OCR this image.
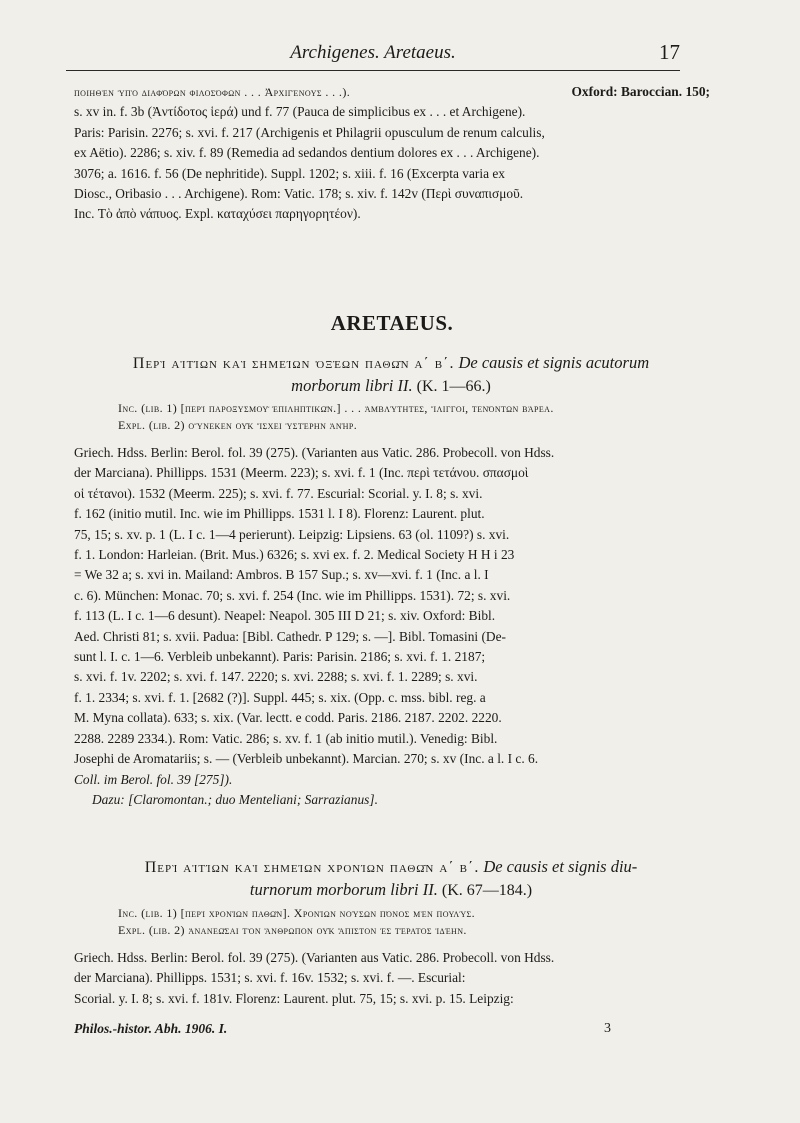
Archigenes. Aretaeus.	17

ποιηθὲν ὑπὸ διαφόρων φιλοσόφων . . . Ἀρχιγένους . . .).	Oxford: Baroccian. 150;

s. xv in. f. 3b (Ἀντίδοτος ἱερά) und f. 77 (Pauca de simplicibus ex . . . et Archigene).

Paris: Parisin. 2276; s. xvi. f. 217 (Archigenis et Philagrii opusculum de renum calculis,

ex Aëtio). 2286; s. xiv. f. 89 (Remedia ad sedandos dentium dolores ex . . . Archigene).

3076; a. 1616. f. 56 (De nephritide). Suppl. 1202; s. xiii. f. 16 (Excerpta varia ex

Diosc., Oribasio . . . Archigene). Rom: Vatic. 178; s. xiv. f. 142v (Περὶ συναπισμοῦ.

Inc. Τὸ ἀπὸ νάπυος. Expl. καταχύσει παρηγορητέον).

ARETAEUS.
Περὶ αἰτίων καὶ σημείων ὀξέων παθῶν α΄ β΄. De causis et signis acutorum
morborum libri II. (K. 1—66.)
Inc. (lib. 1) [περὶ παροξυσμοῦ ἐπιληπτικῶν.] . . . ἀμβλύτητες, ἴλιγγοι, τενόντων βάρεα.
Expl. (lib. 2) οὕνεκεν οὐκ ἴσχει ὑστέρην ἀνήρ.

Griech. Hdss. Berlin: Berol. fol. 39 (275). (Varianten aus Vatic. 286. Probecoll. von Hdss.

der Marciana). Phillipps. 1531 (Meerm. 223); s. xvi. f. 1 (Inc. περὶ τετάνου. σπασμοὶ

οἱ τέτανοι). 1532 (Meerm. 225); s. xvi. f. 77. Escurial: Scorial. y. I. 8; s. xvi.

f. 162 (initio mutil. Inc. wie im Phillipps. 1531 l. I 8). Florenz: Laurent. plut.

75, 15; s. xv. p. 1 (L. I c. 1—4 perierunt). Leipzig: Lipsiens. 63 (ol. 1109?) s. xvi.

f. 1. London: Harleian. (Brit. Mus.) 6326; s. xvi ex. f. 2. Medical Society H H i 23

= We 32 a; s. xvi in. Mailand: Ambros. B 157 Sup.; s. xv—xvi. f. 1 (Inc. a l. I

c. 6). München: Monac. 70; s. xvi. f. 254 (Inc. wie im Phillipps. 1531). 72; s. xvi.

f. 113 (L. I c. 1—6 desunt). Neapel: Neapol. 305 III D 21; s. xiv. Oxford: Bibl.

Aed. Christi 81; s. xvii. Padua: [Bibl. Cathedr. P 129; s. —]. Bibl. Tomasini (De-

sunt l. I. c. 1—6. Verbleib unbekannt). Paris: Parisin. 2186; s. xvi. f. 1. 2187;

s. xvi. f. 1v. 2202; s. xvi. f. 147. 2220; s. xvi. 2288; s. xvi. f. 1. 2289; s. xvi.

f. 1. 2334; s. xvi. f. 1. [2682 (?)]. Suppl. 445; s. xix. (Opp. c. mss. bibl. reg. a

M. Myna collata). 633; s. xix. (Var. lectt. e codd. Paris. 2186. 2187. 2202. 2220.

2288. 2289 2334.). Rom: Vatic. 286; s. xv. f. 1 (ab initio mutil.). Venedig: Bibl.

Josephi de Aromatariis; s. — (Verbleib unbekannt). Marcian. 270; s. xv (Inc. a l. I c. 6.

Coll. im Berol. fol. 39 [275]).

Dazu: [Claromontan.; duo Menteliani; Sarrazianus].

Περὶ αἰτίων καὶ σημείων χρονίων παθῶν α΄ β΄. De causis et signis diu-
turnorum morborum libri II. (K. 67—184.)
Inc. (lib. 1) [περὶ χρονίων παθῶν]. Χρονίων νούσων πόνος μὲν πουλύς.
Expl. (lib. 2) ἀνανεῶσαι τὸν ἄνθρωπον οὐκ ἄπιστον ἐς τέρατος ἰδέην.

Griech. Hdss. Berlin: Berol. fol. 39 (275). (Varianten aus Vatic. 286. Probecoll. von Hdss.

der Marciana). Phillipps. 1531; s. xvi. f. 16v. 1532; s. xvi. f. —. Escurial:

Scorial. y. I. 8; s. xvi. f. 181v. Florenz: Laurent. plut. 75, 15; s. xvi. p. 15. Leipzig:

Philos.-histor. Abh. 1906. I.	3
